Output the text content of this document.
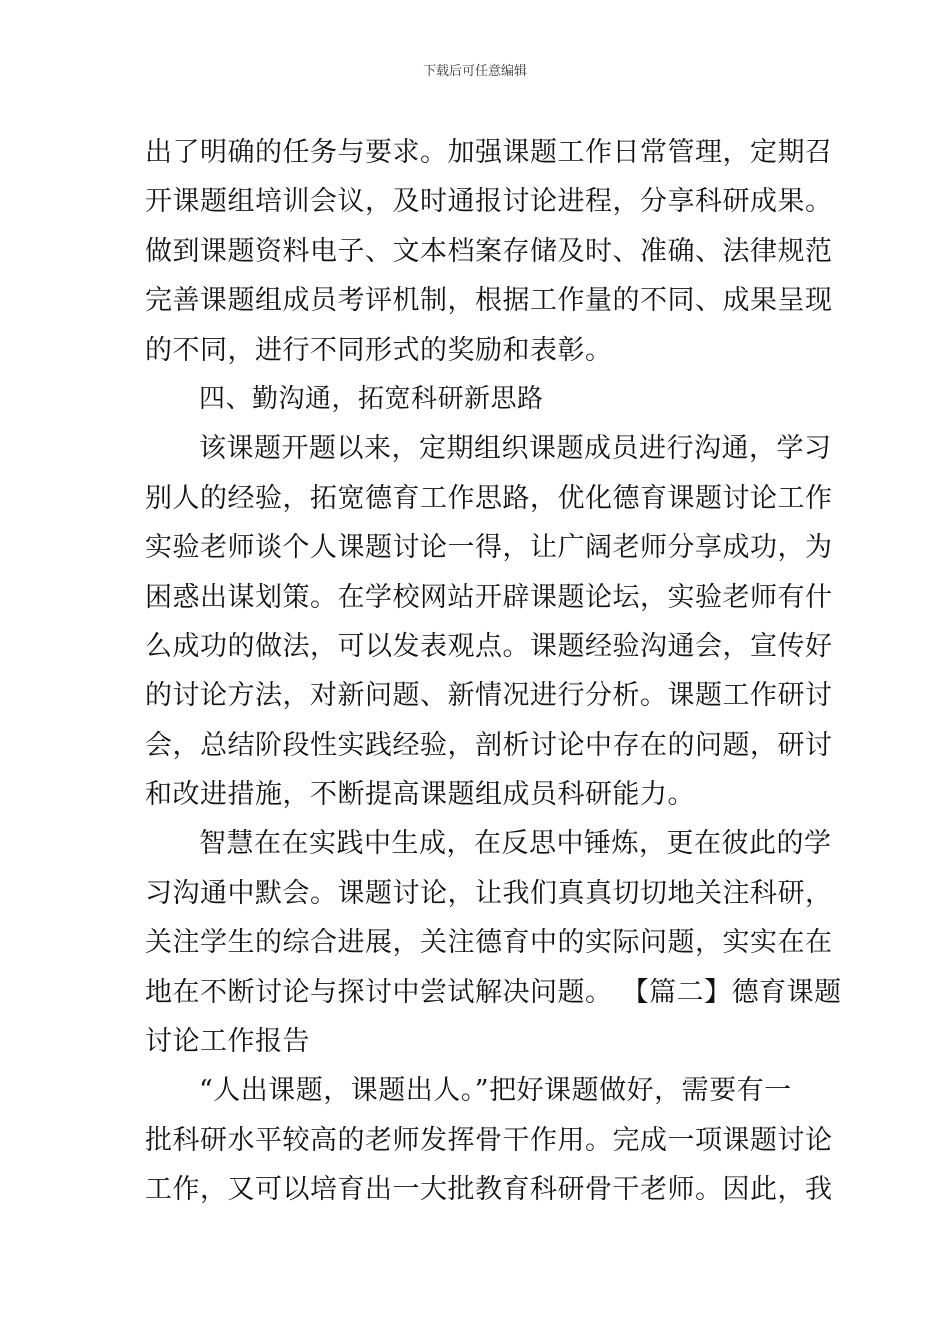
下载后可任意编辑
出了明确的任务与要求。加强课题工作日常管理，定期召
开课题组培训会议，及时通报讨论进程，分享科研成果。
做到课题资料电子、文本档案存储及时、准确、法律规范
完善课题组成员考评机制，根据工作量的不同、成果呈现
的不同，进行不同形式的奖励和表彰。
四、勤沟通，拓宽科研新思路
该课题开题以来，定期组织课题成员进行沟通，学习
别人的经验，拓宽德育工作思路，优化德育课题讨论工作
实验老师谈个人课题讨论一得，让广阔老师分享成功，为
困惑出谋划策。在学校网站开辟课题论坛，实验老师有什
么成功的做法，可以发表观点。课题经验沟通会，宣传好
的讨论方法，对新问题、新情况进行分析。课题工作研讨
会，总结阶段性实践经验，剖析讨论中存在的问题，研讨
和改进措施，不断提高课题组成员科研能力。
智慧在在实践中生成，在反思中锤炼，更在彼此的学
习沟通中默会。课题讨论，让我们真真切切地关注科研，
关注学生的综合进展，关注德育中的实际问题，实实在在
地在不断讨论与探讨中尝试解决问题。 【篇二】德育课题
讨论工作报告
“人出课题，课题出人。”把好课题做好，需要有一
批科研水平较高的老师发挥骨干作用。完成一项课题讨论
工作，又可以培育出一大批教育科研骨干老师。因此，我
